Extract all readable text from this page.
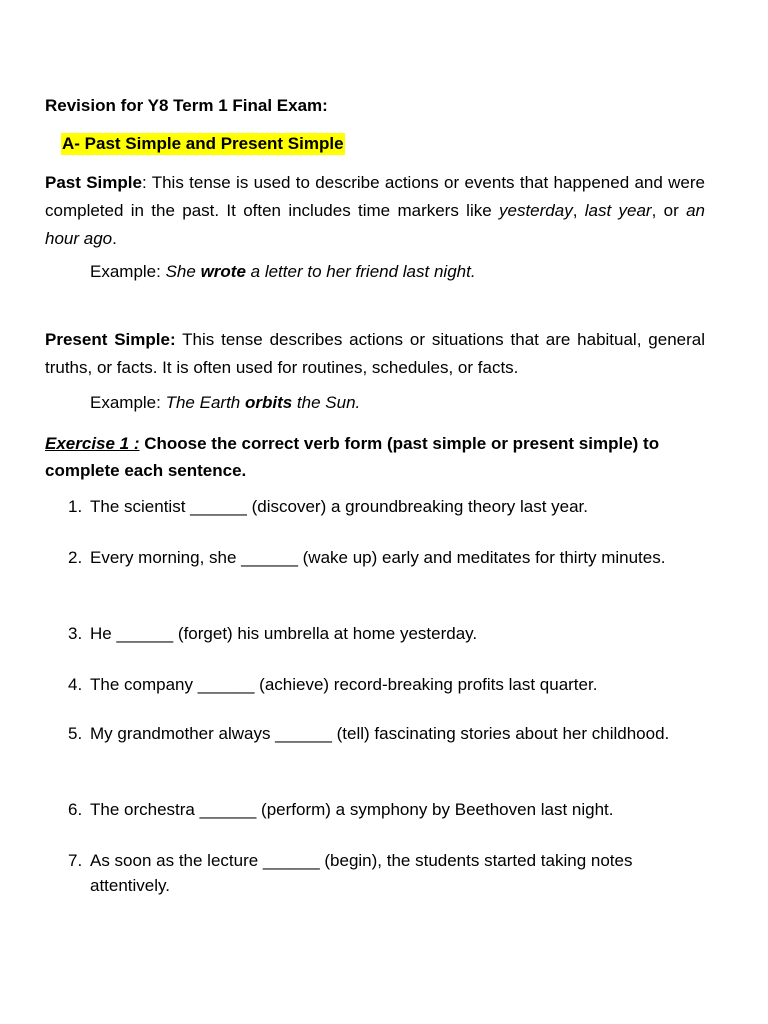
Revision for Y8 Term 1 Final Exam:
A- Past Simple and Present Simple
Past Simple: This tense is used to describe actions or events that happened and were completed in the past. It often includes time markers like yesterday, last year, or an hour ago.
Example: She wrote a letter to her friend last night.
Present Simple: This tense describes actions or situations that are habitual, general truths, or facts. It is often used for routines, schedules, or facts.
Example: The Earth orbits the Sun.
Exercise 1 : Choose the correct verb form (past simple or present simple) to complete each sentence.
1. The scientist ______ (discover) a groundbreaking theory last year.
2. Every morning, she ______ (wake up) early and meditates for thirty minutes.
3. He ______ (forget) his umbrella at home yesterday.
4. The company ______ (achieve) record-breaking profits last quarter.
5. My grandmother always ______ (tell) fascinating stories about her childhood.
6. The orchestra ______ (perform) a symphony by Beethoven last night.
7. As soon as the lecture ______ (begin), the students started taking notes attentively.
